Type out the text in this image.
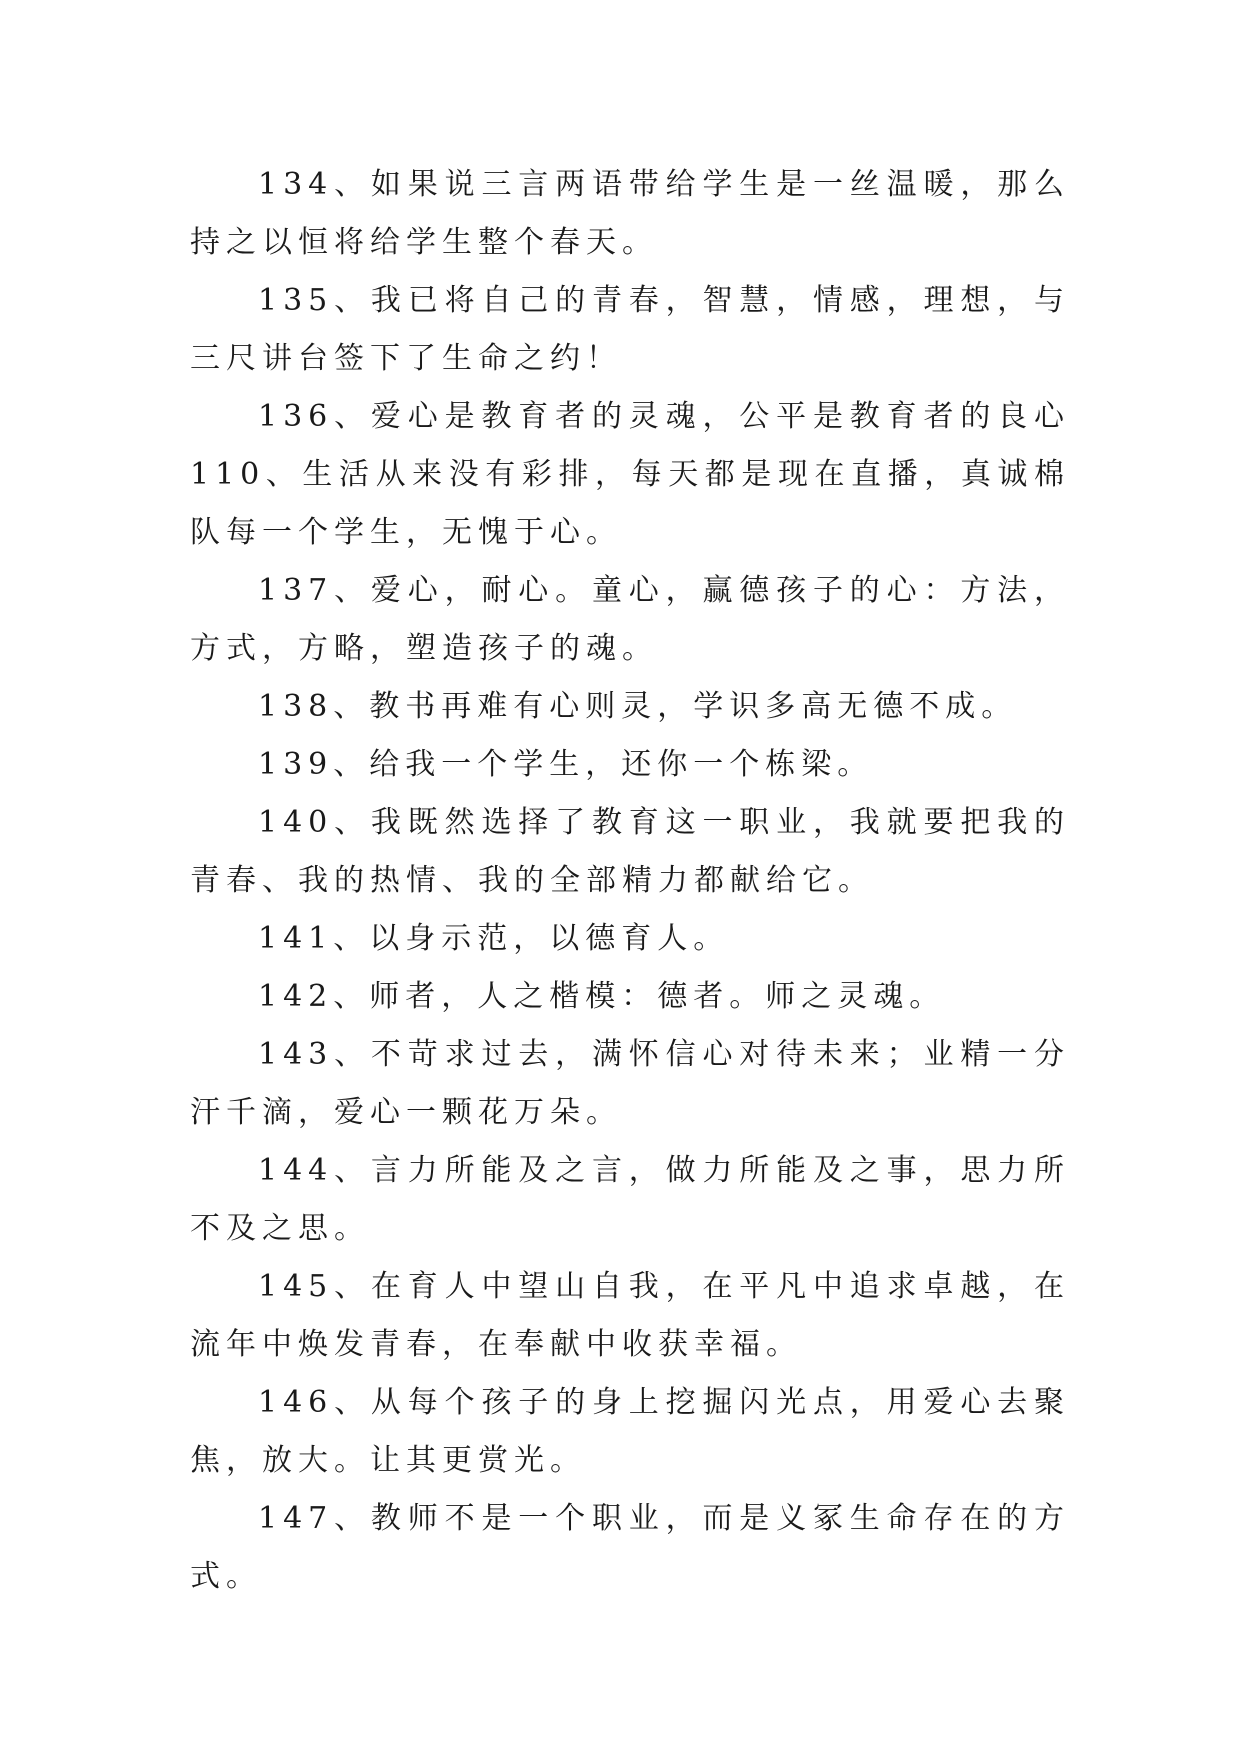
134、如果说三言两语带给学生是一丝温暖，那么持之以恒将给学生整个春天。

135、我已将自己的青春，智慧，情感，理想，与三尺讲台签下了生命之约！

136、爱心是教育者的灵魂，公平是教育者的良心 110、生活从来没有彩排，每天都是现在直播，真诚棉队每一个学生，无愧于心。

137、爱心，耐心。童心，赢德孩子的心：方法，方式，方略，塑造孩子的魂。

138、教书再难有心则灵，学识多高无德不成。

139、给我一个学生，还你一个栋梁。

140、我既然选择了教育这一职业，我就要把我的青春、我的热情、我的全部精力都献给它。

141、以身示范，以德育人。

142、师者，人之楷模：德者。师之灵魂。

143、不苛求过去，满怀信心对待未来；业精一分汗千滴，爱心一颗花万朵。

144、言力所能及之言，做力所能及之事，思力所不及之思。

145、在育人中望山自我，在平凡中追求卓越，在流年中焕发青春，在奉献中收获幸福。

146、从每个孩子的身上挖掘闪光点，用爱心去聚焦，放大。让其更赏光。

147、教师不是一个职业，而是义冢生命存在的方式。
